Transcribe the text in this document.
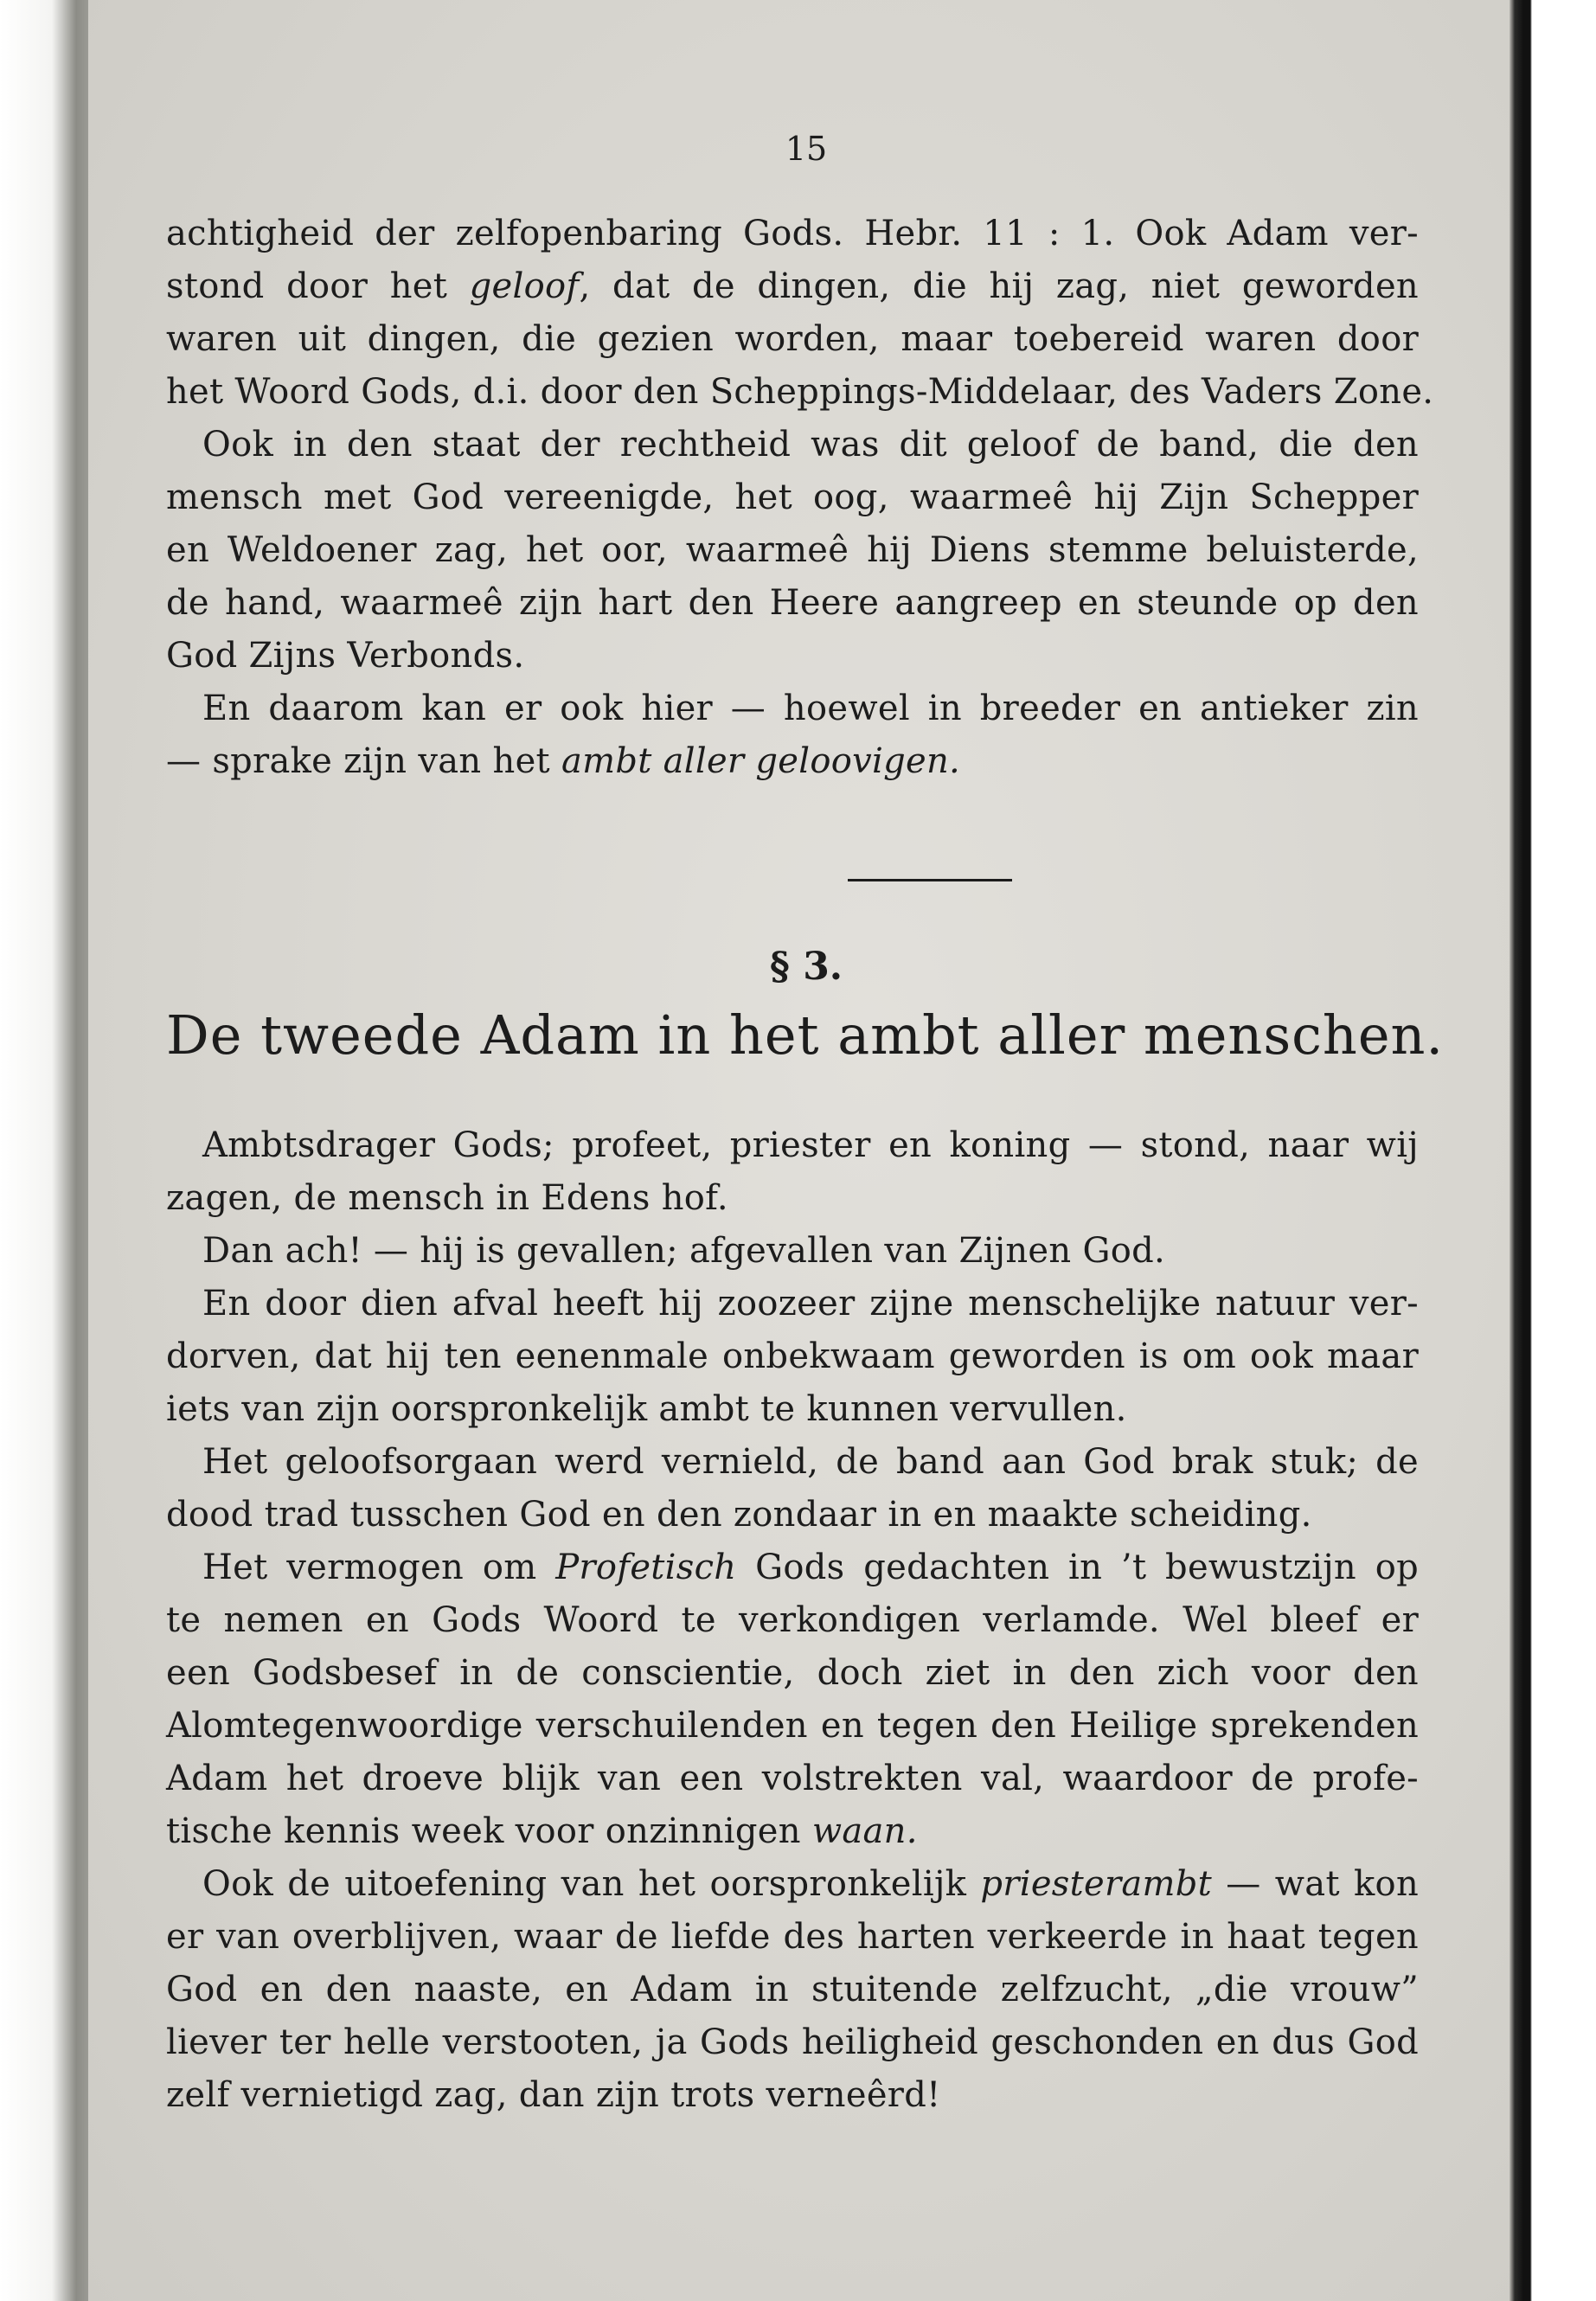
15
achtigheid der zelfopenbaring Gods. Hebr. 11 : 1. Ook Adam ver-
stond door het geloof, dat de dingen, die hij zag, niet geworden
waren uit dingen, die gezien worden, maar toebereid waren door
het Woord Gods, d.i. door den Scheppings-Middelaar, des Vaders Zone.
Ook in den staat der rechtheid was dit geloof de band, die den
mensch met God vereenigde, het oog, waarmeê hij Zijn Schepper
en Weldoener zag, het oor, waarmeê hij Diens stemme beluisterde,
de hand, waarmeê zijn hart den Heere aangreep en steunde op den
God Zijns Verbonds.
En daarom kan er ook hier — hoewel in breeder en antieker zin
— sprake zijn van het ambt aller geloovigen.
§ 3.
De tweede Adam in het ambt aller menschen.
Ambtsdrager Gods; profeet, priester en koning — stond, naar wij
zagen, de mensch in Edens hof.
Dan ach! — hij is gevallen; afgevallen van Zijnen God.
En door dien afval heeft hij zoozeer zijne menschelijke natuur ver-
dorven, dat hij ten eenenmale onbekwaam geworden is om ook maar
iets van zijn oorspronkelijk ambt te kunnen vervullen.
Het geloofsorgaan werd vernield, de band aan God brak stuk; de
dood trad tusschen God en den zondaar in en maakte scheiding.
Het vermogen om Profetisch Gods gedachten in ’t bewustzijn op
te nemen en Gods Woord te verkondigen verlamde. Wel bleef er
een Godsbesef in de conscientie, doch ziet in den zich voor den
Alomtegenwoordige verschuilenden en tegen den Heilige sprekenden
Adam het droeve blijk van een volstrekten val, waardoor de profe-
tische kennis week voor onzinnigen waan.
Ook de uitoefening van het oorspronkelijk priesterambt — wat kon
er van overblijven, waar de liefde des harten verkeerde in haat tegen
God en den naaste, en Adam in stuitende zelfzucht, „die vrouw”
liever ter helle verstooten, ja Gods heiligheid geschonden en dus God
zelf vernietigd zag, dan zijn trots verneêrd!
